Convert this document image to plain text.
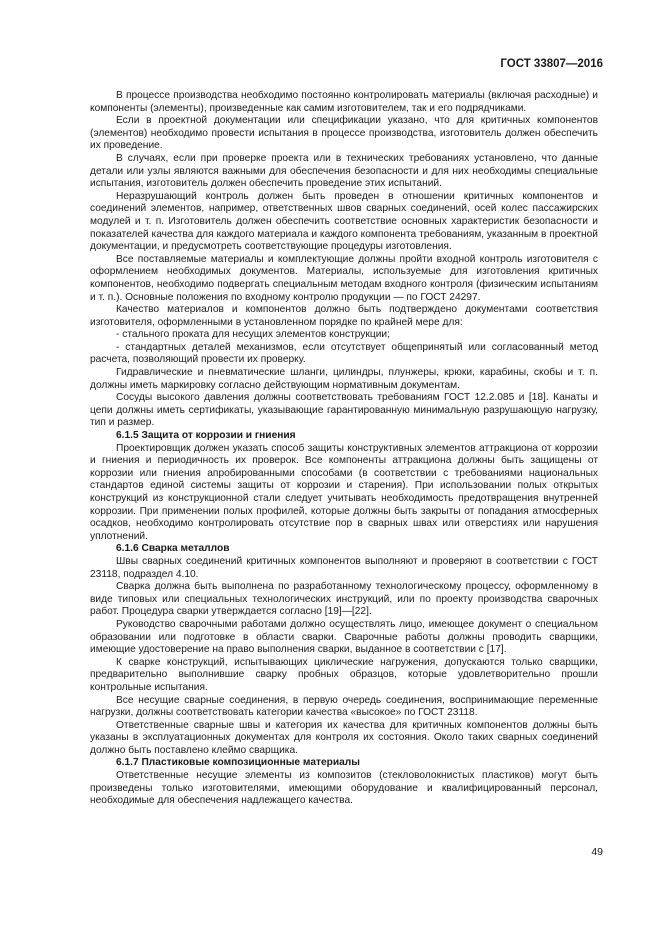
ГОСТ 33807—2016

В процессе производства необходимо постоянно контролировать материалы (включая расходные) и компоненты (элементы), произведенные как самим изготовителем, так и его подрядчиками.

Если в проектной документации или спецификации указано, что для критичных компонентов (элементов) необходимо провести испытания в процессе производства, изготовитель должен обеспечить их проведение.

В случаях, если при проверке проекта или в технических требованиях установлено, что данные детали или узлы являются важными для обеспечения безопасности и для них необходимы специальные испытания, изготовитель должен обеспечить проведение этих испытаний.

Неразрушающий контроль должен быть проведен в отношении критичных компонентов и соединений элементов, например, ответственных швов сварных соединений, осей колес пассажирских модулей и т. п. Изготовитель должен обеспечить соответствие основных характеристик безопасности и показателей качества для каждого материала и каждого компонента требованиям, указанным в проектной документации, и предусмотреть соответствующие процедуры изготовления.

Все поставляемые материалы и комплектующие должны пройти входной контроль изготовителя с оформлением необходимых документов. Материалы, используемые для изготовления критичных компонентов, необходимо подвергать специальным методам входного контроля (физическим испытаниям и т. п.). Основные положения по входному контролю продукции — по ГОСТ 24297.

Качество материалов и компонентов должно быть подтверждено документами соответствия изготовителя, оформленными в установленном порядке по крайней мере для:

- стального проката для несущих элементов конструкции;

- стандартных деталей механизмов, если отсутствует общепринятый или согласованный метод расчета, позволяющий провести их проверку.

Гидравлические и пневматические шланги, цилиндры, плунжеры, крюки, карабины, скобы и т. п. должны иметь маркировку согласно действующим нормативным документам.

Сосуды высокого давления должны соответствовать требованиям ГОСТ 12.2.085 и [18]. Канаты и цепи должны иметь сертификаты, указывающие гарантированную минимальную разрушающую нагрузку, тип и размер.

6.1.5 Защита от коррозии и гниения

Проектировщик должен указать способ защиты конструктивных элементов аттракциона от коррозии и гниения и периодичность их проверок. Все компоненты аттракциона должны быть защищены от коррозии или гниения апробированными способами (в соответствии с требованиями национальных стандартов единой системы защиты от коррозии и старения). При использовании полых открытых конструкций из конструкционной стали следует учитывать необходимость предотвращения внутренней коррозии. При применении полых профилей, которые должны быть закрыты от попадания атмосферных осадков, необходимо контролировать отсутствие пор в сварных швах или отверстиях или нарушения уплотнений.

6.1.6 Сварка металлов

Швы сварных соединений критичных компонентов выполняют и проверяют в соответствии с ГОСТ 23118, подраздел 4.10.

Сварка должна быть выполнена по разработанному технологическому процессу, оформленному в виде типовых или специальных технологических инструкций, или по проекту производства сварочных работ. Процедура сварки утверждается согласно [19]—[22].

Руководство сварочными работами должно осуществлять лицо, имеющее документ о специальном образовании или подготовке в области сварки. Сварочные работы должны проводить сварщики, имеющие удостоверение на право выполнения сварки, выданное в соответствии с [17].

К сварке конструкций, испытывающих циклические нагружения, допускаются только сварщики, предварительно выполнившие сварку пробных образцов, которые удовлетворительно прошли контрольные испытания.

Все несущие сварные соединения, в первую очередь соединения, воспринимающие переменные нагрузки, должны соответствовать категории качества «высокое» по ГОСТ 23118.

Ответственные сварные швы и категория их качества для критичных компонентов должны быть указаны в эксплуатационных документах для контроля их состояния. Около таких сварных соединений должно быть поставлено клеймо сварщика.

6.1.7 Пластиковые композиционные материалы

Ответственные несущие элементы из композитов (стекловолокнистых пластиков) могут быть произведены только изготовителями, имеющими оборудование и квалифицированный персонал, необходимые для обеспечения надлежащего качества.

49
